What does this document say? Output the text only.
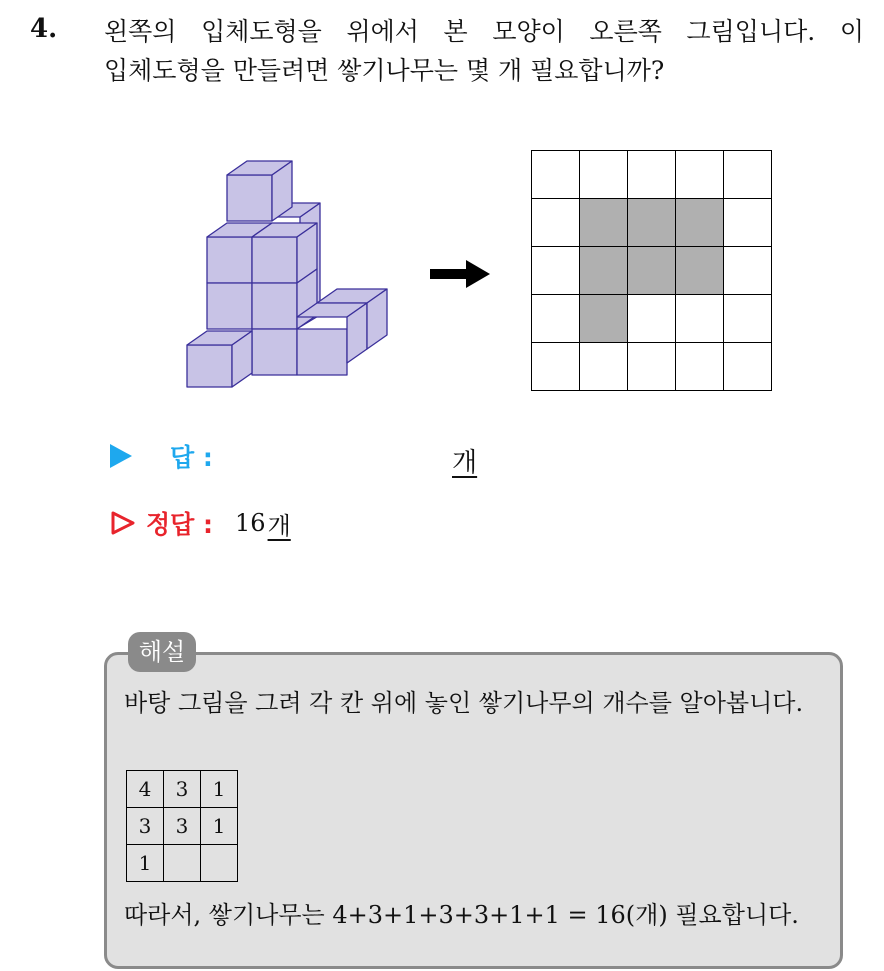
4. 왼쪽의 입체도형을 위에서 본 모양이 오른쪽 그림입니다. 이
입체도형을 만들려면 쌓기나무는 몇 개 필요합니까?

답 :	개
정답 : 16 개
해설
바탕 그림을 그려 각 칸 위에 놓인 쌓기나무의 개수를 알아봅니다.
4	3	1
3	3	1
1		
따라서, 쌓기나무는 4+3+1+3+3+1+1 = 16(개) 필요합니다.
